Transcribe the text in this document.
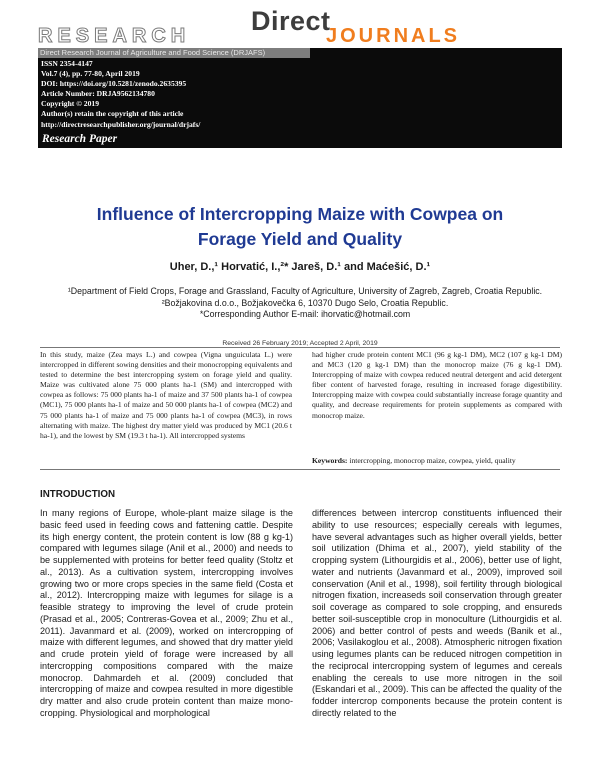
Direct
RESEARCH	JOURNALS
Direct Research Journal of Agriculture and Food Science (DRJAFS)
ISSN 2354-4147
Vol.7 (4), pp. 77-80, April 2019
DOI: https://doi.org/10.5281/zenodo.2635395
Article Number: DRJA9562134780
Copyright © 2019
Author(s) retain the copyright of this article
http://directresearchpublisher.org/journal/drjafs/
Research Paper
Influence of Intercropping Maize with Cowpea on
Forage Yield and Quality
Uher, D.,¹ Horvatić, I.,²* Jareš, D.¹ and Maćešić, D.¹
¹Department of Field Crops, Forage and Grassland, Faculty of Agriculture, University of Zagreb, Zagreb, Croatia Republic.
²Božjakovina d.o.o., Božjakovečka 6, 10370 Dugo Selo, Croatia Republic.
*Corresponding Author E-mail: ihorvatic@hotmail.com
Received 26 February 2019; Accepted 2 April, 2019
In this study, maize (Zea mays L.) and cowpea (Vigna unguiculata L.) were intercropped in different sowing densities and their monocropping equivalents and tested to determine the best intercropping system on forage yield and quality. Maize was cultivated alone 75 000 plants ha-1 (SM) and intercropped with cowpea as follows: 75 000 plants ha-1 of maize and 37 500 plants ha-1 of cowpea (MC1), 75 000 plants ha-1 of maize and 50 000 plants ha-1 of cowpea (MC2) and 75 000 plants ha-1 of maize and 75 000 plants ha-1 of cowpea (MC3), in rows alternating with maize. The highest dry matter yield was produced by MC1 (20.6 t ha-1), and the lowest by SM (19.3 t ha-1). All intercropped systems
had higher crude protein content MC1 (96 g kg-1 DM), MC2 (107 g kg-1 DM) and MC3 (120 g kg-1 DM) than the monocrop maize (76 g kg-1 DM). Intercropping of maize with cowpea reduced neutral detergent and acid detergent fiber content of harvested forage, resulting in increased forage digestibility. Intercropping maize with cowpea could substantially increase forage quantity and quality, and decrease requirements for protein supplements as compared with monocrop maize.
Keywords: intercropping, monocrop maize, cowpea, yield, quality
INTRODUCTION
In many regions of Europe, whole-plant maize silage is the basic feed used in feeding cows and fattening cattle. Despite its high energy content, the protein content is low (88 g kg-1) compared with legumes silage (Anil et al., 2000) and needs to be supplemented with proteins for better feed quality (Stoltz et al., 2013). As a cultivation system, intercropping involves growing two or more crops species in the same field (Costa et al., 2012). Intercropping maize with legumes for silage is a feasible strategy to improving the level of crude protein (Prasad et al., 2005; Contreras-Govea et al., 2009; Zhu et al., 2011). Javanmard et al. (2009), worked on intercropping of maize with different legumes, and showed that dry matter yield and crude protein yield of forage were increased by all intercropping compositions compared with the maize monocrop. Dahmardeh et al. (2009) concluded that intercropping of maize and cowpea resulted in more digestible dry matter and also crude protein content than maize mono-cropping. Physiological and morphological
differences between intercrop constituents influenced their ability to use resources; especially cereals with legumes, have several advantages such as higher overall yields, better soil utilization (Dhima et al., 2007), yield stability of the cropping system (Lithourgidis et al., 2006), better use of light, water and nutrients (Javanmard et al., 2009), improved soil conservation (Anil et al., 1998), soil fertility through biological nitrogen fixation, increaseds soil conservation through greater soil coverage as compared to sole cropping, and ensureds better soil-susceptible crop in monoculture (Lithourgidis et al. 2006) and better control of pests and weeds (Banik et al., 2006; Vasilakoglou et al., 2008). Atmospheric nitrogen fixation using legumes plants can be reduced nitrogen competition in the reciprocal intercropping system of legumes and cereals enabling the cereals to use more nitrogen in the soil (Eskandari et al., 2009). This can be affected the quality of the fodder intercrop components because the protein content is directly related to the
